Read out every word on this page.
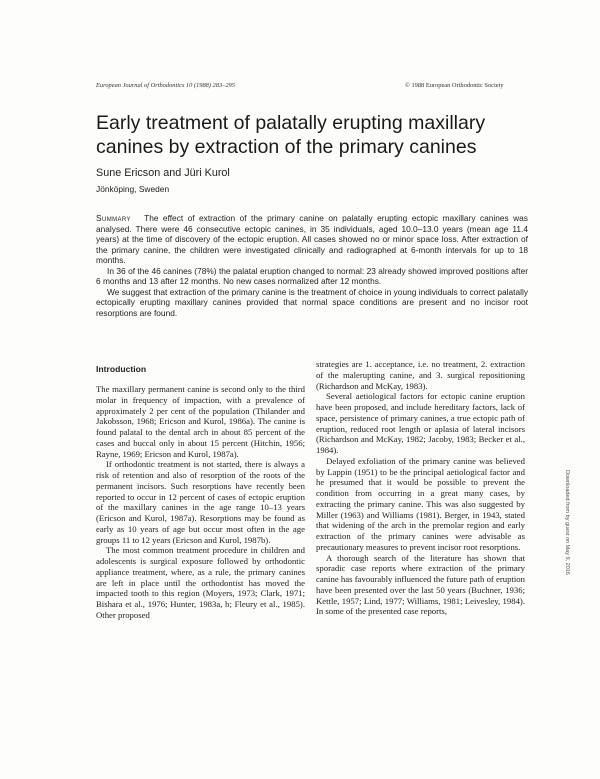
European Journal of Orthodontics 10 (1988) 283–295	© 1988 European Orthodontic Society
Early treatment of palatally erupting maxillary canines by extraction of the primary canines
Sune Ericson and Jüri Kurol
Jönköping, Sweden

Summary The effect of extraction of the primary canine on palatally erupting ectopic maxillary canines was analysed. There were 46 consecutive ectopic canines, in 35 individuals, aged 10.0–13.0 years (mean age 11.4 years) at the time of discovery of the ectopic eruption. All cases showed no or minor space loss. After extraction of the primary canine, the children were investigated clinically and radiographed at 6-month intervals for up to 18 months.

In 36 of the 46 canines (78%) the palatal eruption changed to normal: 23 already showed improved positions after 6 months and 13 after 12 months. No new cases normalized after 12 months.

We suggest that extraction of the primary canine is the treatment of choice in young individuals to correct palatally ectopically erupting maxillary canines provided that normal space conditions are present and no incisor root resorptions are found.

Downloaded from by guest on May 9, 2016
Introduction

The maxillary permanent canine is second only to the third molar in frequency of impaction, with a prevalence of approximately 2 per cent of the population (Thilander and Jakobsson, 1968; Ericson and Kurol, 1986a). The canine is found palatal to the dental arch in about 85 percent of the cases and buccal only in about 15 percent (Hitchin, 1956; Rayne, 1969; Ericson and Kurol, 1987a).

If orthodontic treatment is not started, there is always a risk of retention and also of resorption of the roots of the permanent incisors. Such resorptions have recently been reported to occur in 12 percent of cases of ectopic eruption of the maxillary canines in the age range 10–13 years (Ericson and Kurol, 1987a). Resorptions may be found as early as 10 years of age but occur most often in the age groups 11 to 12 years (Ericson and Kurol, 1987b).

The most common treatment procedure in children and adolescents is surgical exposure followed by orthodontic appliance treatment, where, as a rule, the primary canines are left in place until the orthodontist has moved the impacted tooth to this region (Moyers, 1973; Clark, 1971; Bishara et al., 1976; Hunter, 1983a, b; Fleury et al., 1985). Other proposed

strategies are 1. acceptance, i.e. no treatment, 2. extraction of the malerupting canine, and 3. surgical repositioning (Richardson and McKay, 1983).

Several aetiological factors for ectopic canine eruption have been proposed, and include hereditary factors, lack of space, persistence of primary canines, a true ectopic path of eruption, reduced root length or aplasia of lateral incisors (Richardson and McKay, 1982; Jacoby, 1983; Becker et al., 1984).

Delayed exfoliation of the primary canine was believed by Lappin (1951) to be the principal aetiological factor and he presumed that it would be possible to prevent the condition from occurring in a great many cases, by extracting the primary canine. This was also suggested by Miller (1963) and Williams (1981). Berger, in 1943, stated that widening of the arch in the premolar region and early extraction of the primary canines were advisable as precautionary measures to prevent incisor root resorptions.

A thorough search of the literature has shown that sporadic case reports where extraction of the primary canine has favourably influenced the future path of eruption have been presented over the last 50 years (Buchner, 1936; Kettle, 1957; Lind, 1977; Williams, 1981; Leivesley, 1984). In some of the presented case reports,
